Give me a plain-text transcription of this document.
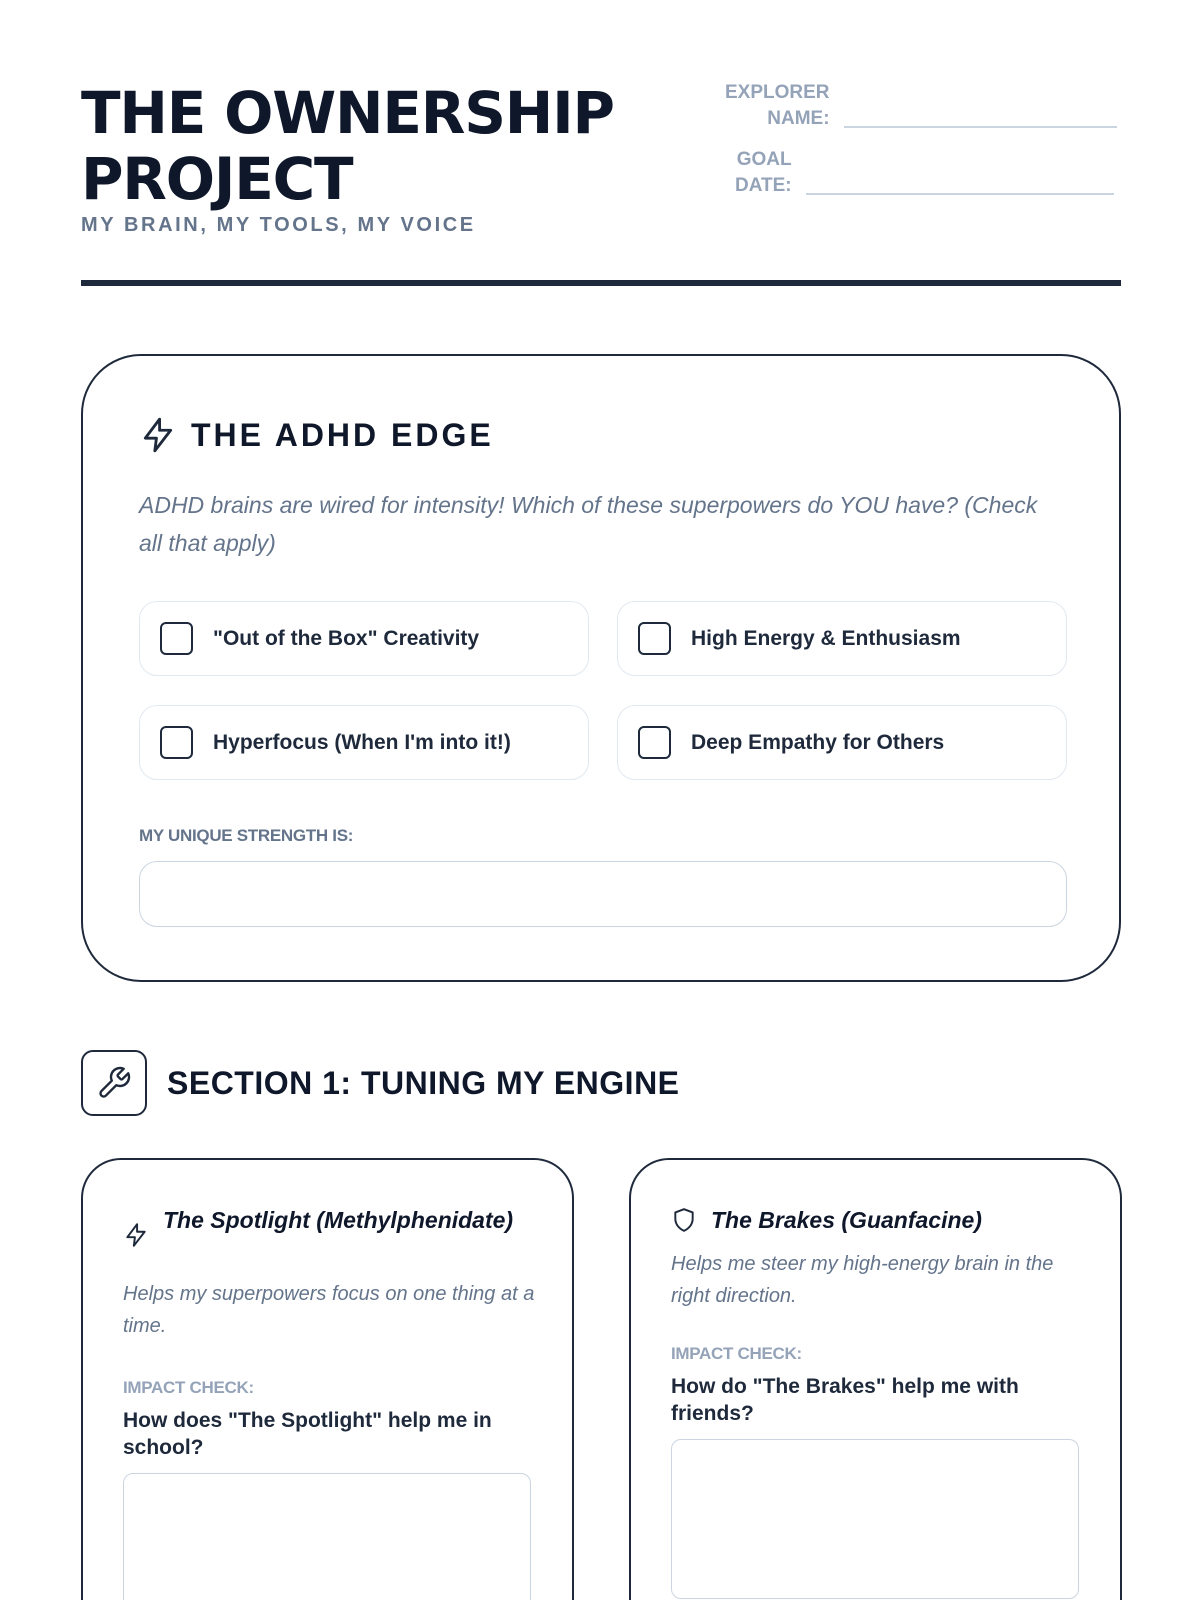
THE OWNERSHIP PROJECT
MY BRAIN, MY TOOLS, MY VOICE
EXPLORER
NAME:
GOAL
DATE:
THE ADHD EDGE

ADHD brains are wired for intensity! Which of these superpowers do YOU have? (Check all that apply)

"Out of the Box" Creativity	High Energy & Enthusiasm
Hyperfocus (When I'm into it!)	Deep Empathy for Others
MY UNIQUE STRENGTH IS:
SECTION 1: TUNING MY ENGINE
The Spotlight (Methylphenidate)

Helps my superpowers focus on one thing at a time.

IMPACT CHECK:
How does "The Spotlight" help me in school?
The Brakes (Guanfacine)

Helps me steer my high-energy brain in the right direction.

IMPACT CHECK:
How do "The Brakes" help me with friends?
